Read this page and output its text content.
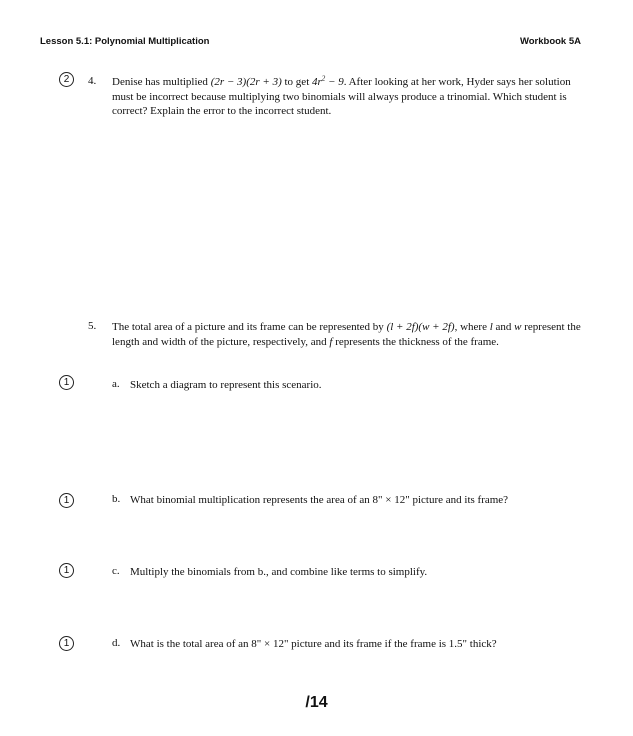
Lesson 5.1: Polynomial Multiplication	Workbook 5A
2	4. Denise has multiplied (2r − 3)(2r + 3) to get $4r^2 - 9$. After looking at her work, Hyder says her solution must be incorrect because multiplying two binomials will always produce a trinomial. Which student is correct? Explain the error to the incorrect student.
5. The total area of a picture and its frame can be represented by (l + 2f)(w + 2f), where l and w represent the length and width of the picture, respectively, and f represents the thickness of the frame.
1	a. Sketch a diagram to represent this scenario.
1	b. What binomial multiplication represents the area of an 8" × 12" picture and its frame?
1	c. Multiply the binomials from b., and combine like terms to simplify.
1	d. What is the total area of an 8" × 12" picture and its frame if the frame is 1.5" thick?
/14
